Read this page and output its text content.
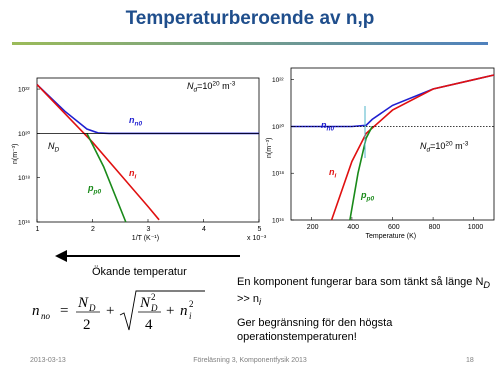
Temperaturberoende av n,p
1	2	3	4	5
10¹⁶
10¹⁸
10²⁰
10²²
1/T (K⁻¹)
n(m⁻³)
x 10⁻³
$n_{n0}$
$n_i$
$p_{p0}$
$N_D$
$N_d=10^{20}$ $m^{-3}$
200	400	600	800	1000
10¹⁶
10¹⁸
10²⁰
10²²
Temperature (K)
n(m⁻³)
$n_{n0}$
$n_i$
$p_{p0}$
$N_d=10^{20}$ $m^{-3}$
Ökande temperatur
En komponent fungerar bara som tänkt så länge $N_D >> n_i$
Ger begränsning för den högsta operationstemperaturen!
n no = N D
2
+ N 2
D
4
+ n 2
i
2013-03-13	Föreläsning 3, Komponentfysik 2013	18
